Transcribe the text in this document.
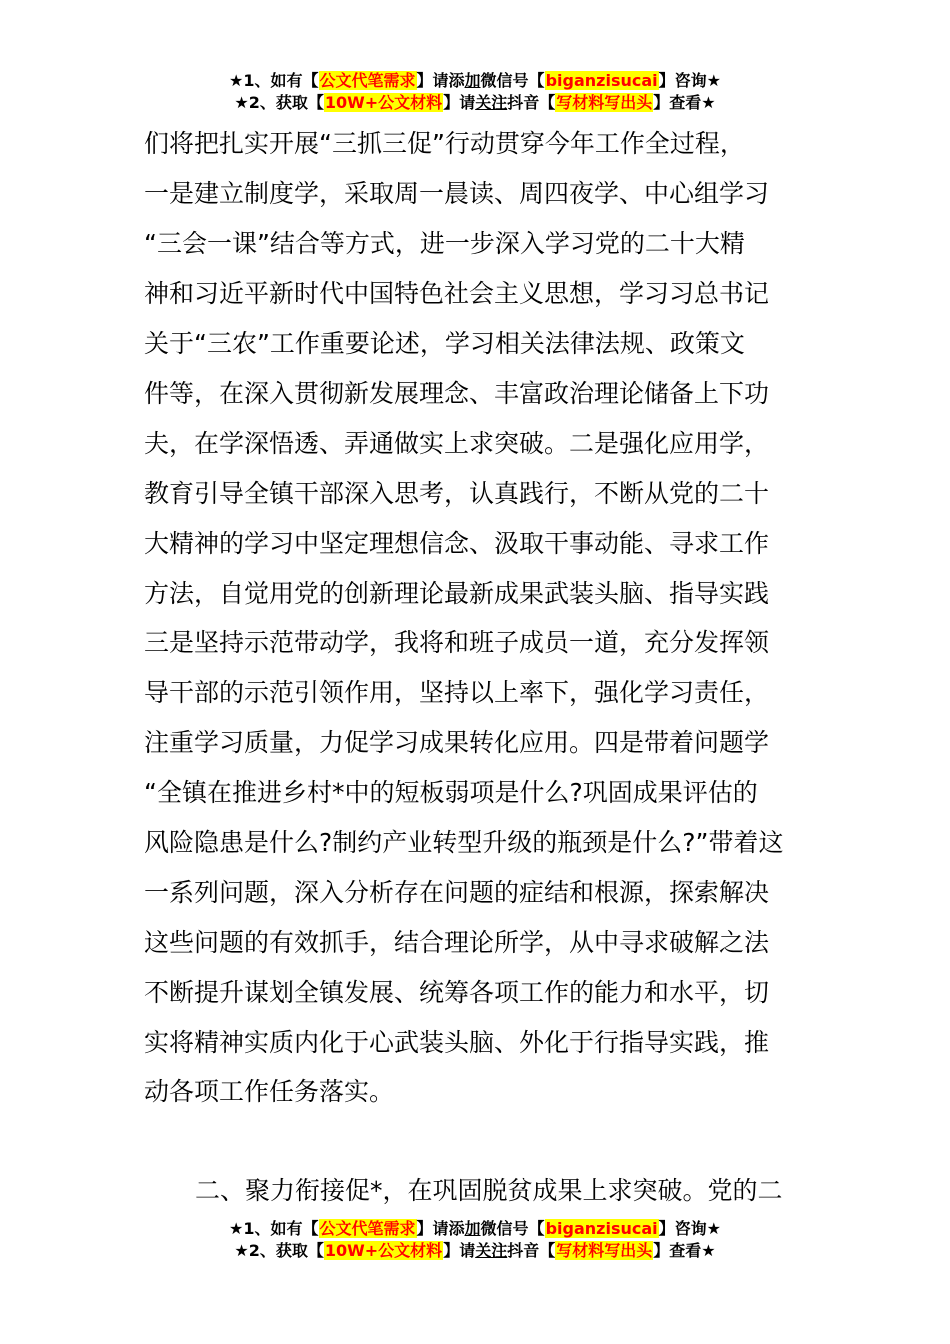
★1、如有【公文代笔需求】请添加微信号【biganzisucai】咨询★
★2、获取【10W+公文材料】请关注抖音【写材料写出头】查看★
们将把扎实开展“三抓三促”行动贯穿今年工作全过程，
一是建立制度学，采取周一晨读、周四夜学、中心组学习
“三会一课”结合等方式，进一步深入学习党的二十大精
神和习近平新时代中国特色社会主义思想，学习习总书记
关于“三农”工作重要论述，学习相关法律法规、政策文
件等，在深入贯彻新发展理念、丰富政治理论储备上下功
夫，在学深悟透、弄通做实上求突破。二是强化应用学，
教育引导全镇干部深入思考，认真践行，不断从党的二十
大精神的学习中坚定理想信念、汲取干事动能、寻求工作
方法，自觉用党的创新理论最新成果武装头脑、指导实践
三是坚持示范带动学，我将和班子成员一道，充分发挥领
导干部的示范引领作用，坚持以上率下，强化学习责任，
注重学习质量，力促学习成果转化应用。四是带着问题学
“全镇在推进乡村*中的短板弱项是什么?巩固成果评估的
风险隐患是什么?制约产业转型升级的瓶颈是什么?”带着这
一系列问题，深入分析存在问题的症结和根源，探索解决
这些问题的有效抓手，结合理论所学，从中寻求破解之法
不断提升谋划全镇发展、统筹各项工作的能力和水平，切
实将精神实质内化于心武装头脑、外化于行指导实践，推
动各项工作任务落实。
二、聚力衔接促*，在巩固脱贫成果上求突破。党的二
★1、如有【公文代笔需求】请添加微信号【biganzisucai】咨询★
★2、获取【10W+公文材料】请关注抖音【写材料写出头】查看★
